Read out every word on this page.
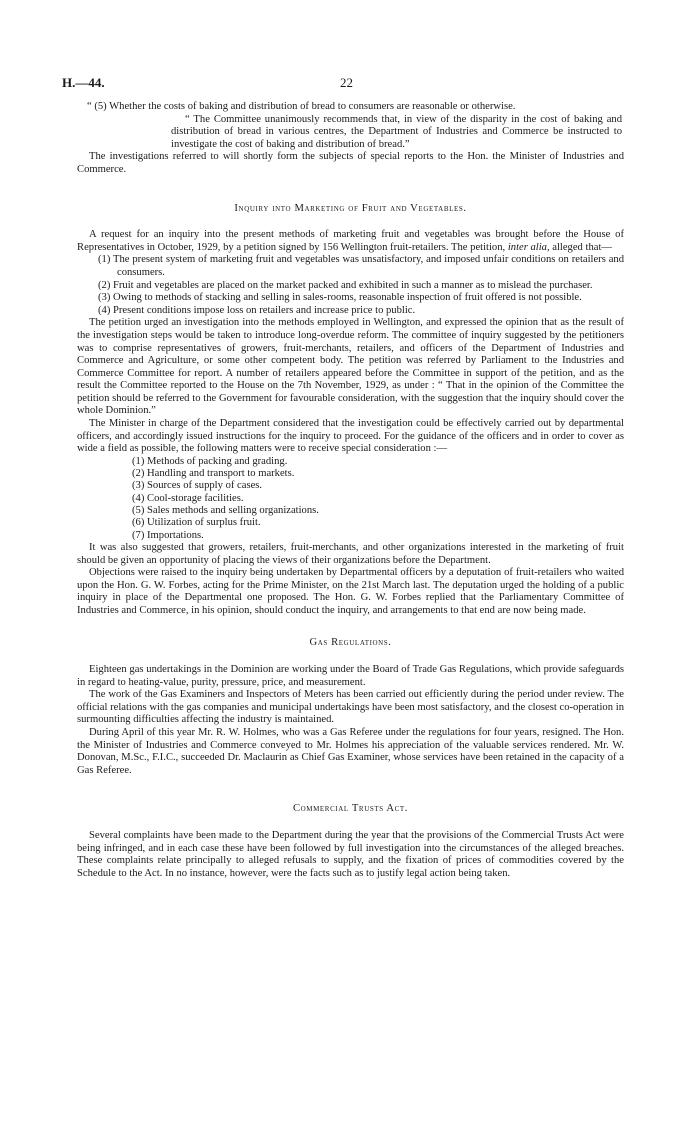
H.—44.	22

“ (5) Whether the costs of baking and distribution of bread to consumers are reasonable or otherwise.

“ The Committee unanimously recommends that, in view of the disparity in the cost of baking and distribution of bread in various centres, the Department of Industries and Commerce be instructed to investigate the cost of baking and distribution of bread.”

The investigations referred to will shortly form the subjects of special reports to the Hon. the Minister of Industries and Commerce.

Inquiry into Marketing of Fruit and Vegetables.

A request for an inquiry into the present methods of marketing fruit and vegetables was brought before the House of Representatives in October, 1929, by a petition signed by 156 Wellington fruit-retailers. The petition, inter alia, alleged that—

(1) The present system of marketing fruit and vegetables was unsatisfactory, and imposed unfair conditions on retailers and consumers.

(2) Fruit and vegetables are placed on the market packed and exhibited in such a manner as to mislead the purchaser.

(3) Owing to methods of stacking and selling in sales-rooms, reasonable inspection of fruit offered is not possible.

(4) Present conditions impose loss on retailers and increase price to public.

The petition urged an investigation into the methods employed in Wellington, and expressed the opinion that as the result of the investigation steps would be taken to introduce long-overdue reform. The committee of inquiry suggested by the petitioners was to comprise representatives of growers, fruit-merchants, retailers, and officers of the Department of Industries and Commerce and Agriculture, or some other competent body. The petition was referred by Parliament to the Industries and Commerce Committee for report. A number of retailers appeared before the Committee in support of the petition, and as the result the Committee reported to the House on the 7th November, 1929, as under : “ That in the opinion of the Committee the petition should be referred to the Government for favourable consideration, with the suggestion that the inquiry should cover the whole Dominion.”

The Minister in charge of the Department considered that the investigation could be effectively carried out by departmental officers, and accordingly issued instructions for the inquiry to proceed. For the guidance of the officers and in order to cover as wide a field as possible, the following matters were to receive special consideration :—

(1) Methods of packing and grading.
(2) Handling and transport to markets.
(3) Sources of supply of cases.
(4) Cool-storage facilities.
(5) Sales methods and selling organizations.
(6) Utilization of surplus fruit.
(7) Importations.

It was also suggested that growers, retailers, fruit-merchants, and other organizations interested in the marketing of fruit should be given an opportunity of placing the views of their organizations before the Department.

Objections were raised to the inquiry being undertaken by Departmental officers by a deputation of fruit-retailers who waited upon the Hon. G. W. Forbes, acting for the Prime Minister, on the 21st March last. The deputation urged the holding of a public inquiry in place of the Departmental one proposed. The Hon. G. W. Forbes replied that the Parliamentary Committee of Industries and Commerce, in his opinion, should conduct the inquiry, and arrangements to that end are now being made.

Gas Regulations.

Eighteen gas undertakings in the Dominion are working under the Board of Trade Gas Regulations, which provide safeguards in regard to heating-value, purity, pressure, price, and measurement.

The work of the Gas Examiners and Inspectors of Meters has been carried out efficiently during the period under review. The official relations with the gas companies and municipal undertakings have been most satisfactory, and the closest co-operation in surmounting difficulties affecting the industry is maintained.

During April of this year Mr. R. W. Holmes, who was a Gas Referee under the regulations for four years, resigned. The Hon. the Minister of Industries and Commerce conveyed to Mr. Holmes his appreciation of the valuable services rendered. Mr. W. Donovan, M.Sc., F.I.C., succeeded Dr. Maclaurin as Chief Gas Examiner, whose services have been retained in the capacity of a Gas Referee.

Commercial Trusts Act.

Several complaints have been made to the Department during the year that the provisions of the Commercial Trusts Act were being infringed, and in each case these have been followed by full investigation into the circumstances of the alleged breaches. These complaints relate principally to alleged refusals to supply, and the fixation of prices of commodities covered by the Schedule to the Act. In no instance, however, were the facts such as to justify legal action being taken.
